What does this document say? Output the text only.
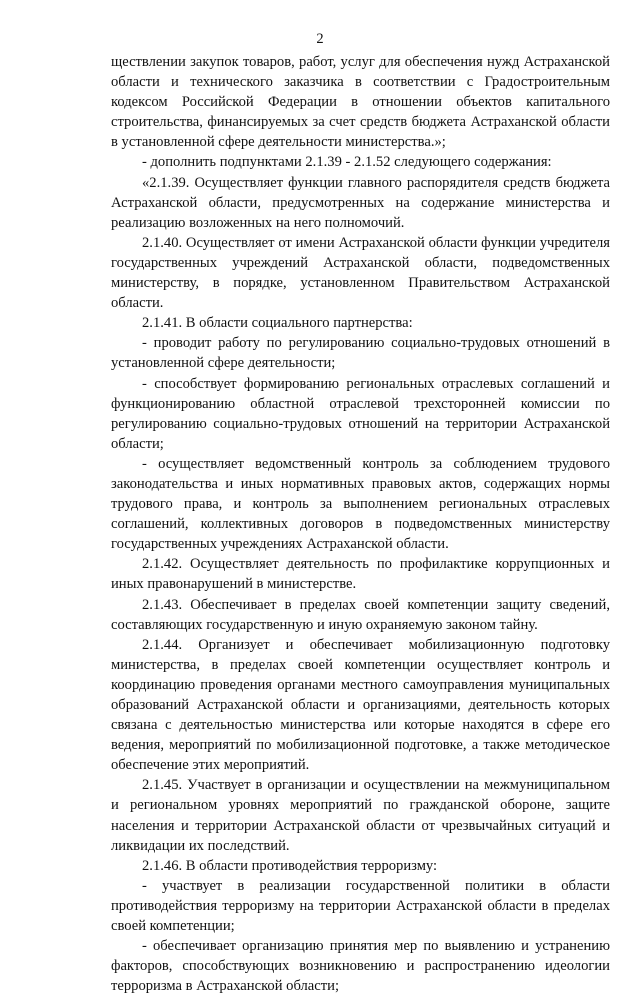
2

ществлении закупок товаров, работ, услуг для обеспечения нужд Астраханской области и технического заказчика в соответствии с Градостроительным кодексом Российской Федерации в отношении объектов капитального строительства, финансируемых за счет средств бюджета Астраханской области в установленной сфере деятельности министерства.»;

- дополнить подпунктами 2.1.39 - 2.1.52 следующего содержания:

«2.1.39. Осуществляет функции главного распорядителя средств бюджета Астраханской области, предусмотренных на содержание министерства и реализацию возложенных на него полномочий.

2.1.40. Осуществляет от имени Астраханской области функции учредителя государственных учреждений Астраханской области, подведомственных министерству, в порядке, установленном Правительством Астраханской области.

2.1.41. В области социального партнерства:

- проводит работу по регулированию социально-трудовых отношений в установленной сфере деятельности;

- способствует формированию региональных отраслевых соглашений и функционированию областной отраслевой трехсторонней комиссии по регулированию социально-трудовых отношений на территории Астраханской области;

- осуществляет ведомственный контроль за соблюдением трудового законодательства и иных нормативных правовых актов, содержащих нормы трудового права, и контроль за выполнением региональных отраслевых соглашений, коллективных договоров в подведомственных министерству государственных учреждениях Астраханской области.

2.1.42. Осуществляет деятельность по профилактике коррупционных и иных правонарушений в министерстве.

2.1.43. Обеспечивает в пределах своей компетенции защиту сведений, составляющих государственную и иную охраняемую законом тайну.

2.1.44. Организует и обеспечивает мобилизационную подготовку министерства, в пределах своей компетенции осуществляет контроль и координацию проведения органами местного самоуправления муниципальных образований Астраханской области и организациями, деятельность которых связана с деятельностью министерства или которые находятся в сфере его ведения, мероприятий по мобилизационной подготовке, а также методическое обеспечение этих мероприятий.

2.1.45. Участвует в организации и осуществлении на межмуниципальном и региональном уровнях мероприятий по гражданской обороне, защите населения и территории Астраханской области от чрезвычайных ситуаций и ликвидации их последствий.

2.1.46. В области противодействия терроризму:

- участвует в реализации государственной политики в области противодействия терроризму на территории Астраханской области в пределах своей компетенции;

- обеспечивает организацию принятия мер по выявлению и устранению факторов, способствующих возникновению и распространению идеологии терроризма в Астраханской области;
